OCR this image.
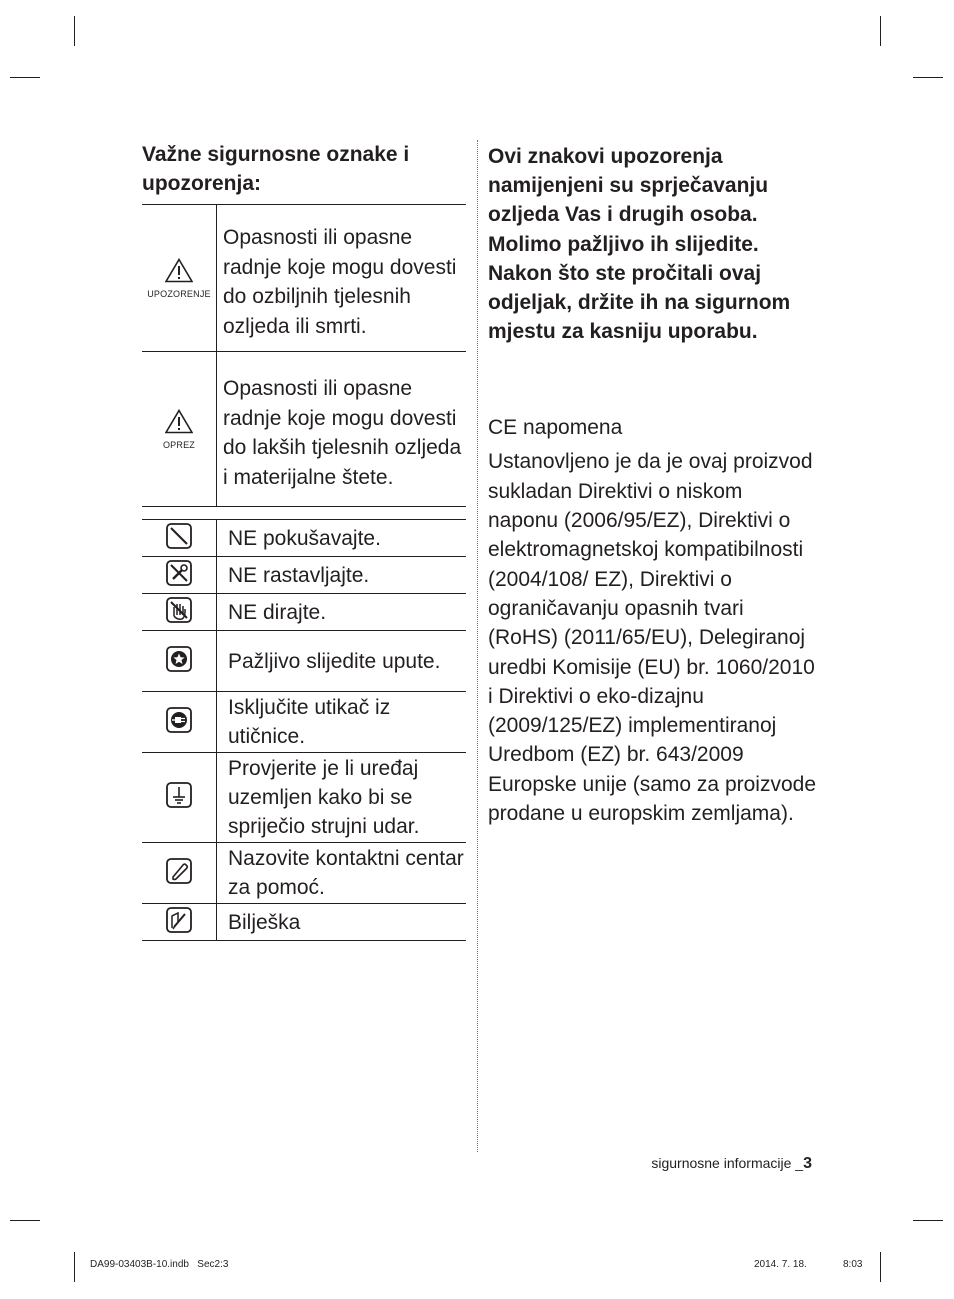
Važne sigurnosne oznake i upozorenja:
UPOZORENJE	Opasnosti ili opasne radnje koje mogu dovesti do ozbiljnih tjelesnih ozljeda ili smrti.

OPREZ	Opasnosti ili opasne radnje koje mogu dovesti do lakših tjelesnih ozljeda i materijalne štete.
	NE pokušavajte.
	NE rastavljajte.
	NE dirajte.
	Pažljivo slijedite upute.
	Isključite utikač iz utičnice.
	Provjerite je li uređaj uzemljen kako bi se spriječio strujni udar.
	Nazovite kontaktni centar za pomoć.
	Bilješka

Ovi znakovi upozorenja namijenjeni su sprječavanju ozljeda Vas i drugih osoba. Molimo pažljivo ih slijedite. Nakon što ste pročitali ovaj odjeljak, držite ih na sigurnom mjestu za kasniju uporabu.

CE napomena

Ustanovljeno je da je ovaj proizvod sukladan Direktivi o niskom naponu (2006/95/EZ), Direktivi o elektromagnetskoj kompatibilnosti (2004/108/ EZ), Direktivi o ograničavanju opasnih tvari (RoHS) (2011/65/EU), Delegiranoj uredbi Komisije (EU) br. 1060/2010 i Direktivi o eko-dizajnu (2009/125/EZ) implementiranoj Uredbom (EZ) br. 643/2009 Europske unije (samo za proizvode prodane u europskim zemljama).

sigurnosne informacije _3
DA99-03403B-10.indb   Sec2:3	2014. 7. 18.	8:03
